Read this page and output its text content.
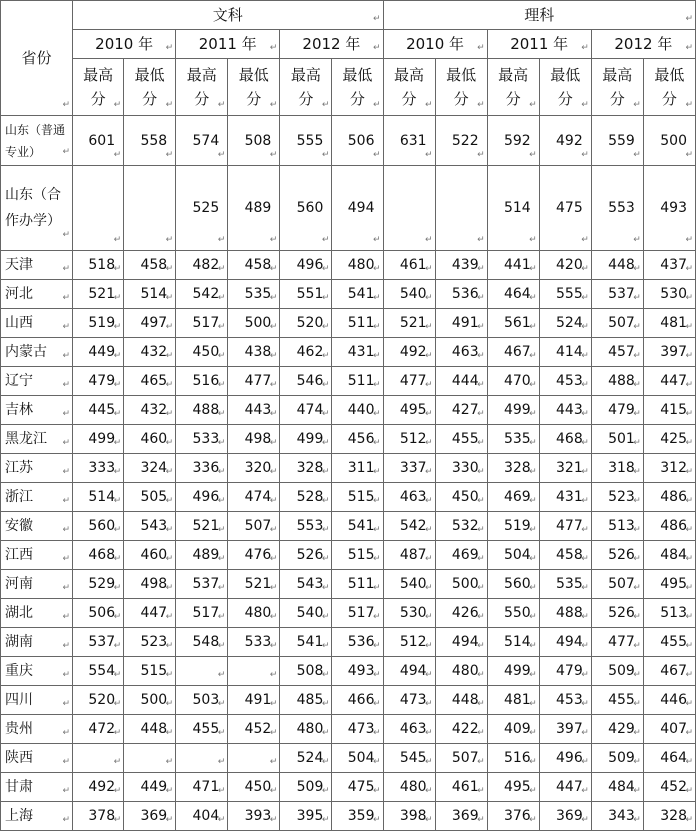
省份 ↵	文科 ↵						理科 ↵
	2010 年 ↵		2011 年 ↵		2012 年 ↵		2010 年 ↵		2011 年 ↵		2012 年 ↵

	最高
分
↵	最低
分
↵	最高
分
↵	最低
分
↵	最高
分
↵	最低
分
↵	最高
分
↵	最低
分
↵	最高
分
↵	最低
分
↵	最高
分
↵	最低
分
↵
山东（普通专业） ↵	601 ↵	558 ↵	574 ↵	508 ↵	555 ↵	506 ↵	631 ↵	522 ↵	592 ↵	492 ↵	559 ↵	500 ↵
山东（合作办学） ↵	↵	↵	525 ↵	489 ↵	560 ↵	494 ↵	↵	↵	514 ↵	475 ↵	553 ↵	493 ↵
天津 ↵	518 ↵	458 ↵	482 ↵	458 ↵	496 ↵	480 ↵	461 ↵	439 ↵	441 ↵	420 ↵	448 ↵	437 ↵
河北 ↵	521 ↵	514 ↵	542 ↵	535 ↵	551 ↵	541 ↵	540 ↵	536 ↵	464 ↵	555 ↵	537 ↵	530 ↵
山西 ↵	519 ↵	497 ↵	517 ↵	500 ↵	520 ↵	511 ↵	521 ↵	491 ↵	561 ↵	524 ↵	507 ↵	481 ↵
内蒙古 ↵	449 ↵	432 ↵	450 ↵	438 ↵	462 ↵	431 ↵	492 ↵	463 ↵	467 ↵	414 ↵	457 ↵	397 ↵
辽宁 ↵	479 ↵	465 ↵	516 ↵	477 ↵	546 ↵	511 ↵	477 ↵	444 ↵	470 ↵	453 ↵	488 ↵	447 ↵
吉林 ↵	445 ↵	432 ↵	488 ↵	443 ↵	474 ↵	440 ↵	495 ↵	427 ↵	499 ↵	443 ↵	479 ↵	415 ↵
黑龙江 ↵	499 ↵	460 ↵	533 ↵	498 ↵	499 ↵	456 ↵	512 ↵	455 ↵	535 ↵	468 ↵	501 ↵	425 ↵
江苏 ↵	333 ↵	324 ↵	336 ↵	320 ↵	328 ↵	311 ↵	337 ↵	330 ↵	328 ↵	321 ↵	318 ↵	312 ↵
浙江 ↵	514 ↵	505 ↵	496 ↵	474 ↵	528 ↵	515 ↵	463 ↵	450 ↵	469 ↵	431 ↵	523 ↵	486 ↵
安徽 ↵	560 ↵	543 ↵	521 ↵	507 ↵	553 ↵	541 ↵	542 ↵	532 ↵	519 ↵	477 ↵	513 ↵	486 ↵
江西 ↵	468 ↵	460 ↵	489 ↵	476 ↵	526 ↵	515 ↵	487 ↵	469 ↵	504 ↵	458 ↵	526 ↵	484 ↵
河南 ↵	529 ↵	498 ↵	537 ↵	521 ↵	543 ↵	511 ↵	540 ↵	500 ↵	560 ↵	535 ↵	507 ↵	495 ↵
湖北 ↵	506 ↵	447 ↵	517 ↵	480 ↵	540 ↵	517 ↵	530 ↵	426 ↵	550 ↵	488 ↵	526 ↵	513 ↵
湖南 ↵	537 ↵	523 ↵	548 ↵	533 ↵	541 ↵	536 ↵	512 ↵	494 ↵	514 ↵	494 ↵	477 ↵	455 ↵
重庆 ↵	554 ↵	515 ↵	↵	↵	508 ↵	493 ↵	494 ↵	480 ↵	499 ↵	479 ↵	509 ↵	467 ↵
四川 ↵	520 ↵	500 ↵	503 ↵	491 ↵	485 ↵	466 ↵	473 ↵	448 ↵	481 ↵	453 ↵	455 ↵	446 ↵
贵州 ↵	472 ↵	448 ↵	455 ↵	452 ↵	480 ↵	473 ↵	463 ↵	422 ↵	409 ↵	397 ↵	429 ↵	407 ↵
陕西 ↵	↵	↵	↵	↵	524 ↵	504 ↵	545 ↵	507 ↵	516 ↵	496 ↵	509 ↵	464 ↵
甘肃 ↵	492 ↵	449 ↵	471 ↵	450 ↵	509 ↵	475 ↵	480 ↵	461 ↵	495 ↵	447 ↵	484 ↵	452 ↵
上海 ↵	378 ↵	369 ↵	404 ↵	393 ↵	395 ↵	359 ↵	398 ↵	369 ↵	376 ↵	369 ↵	343 ↵	328 ↵
